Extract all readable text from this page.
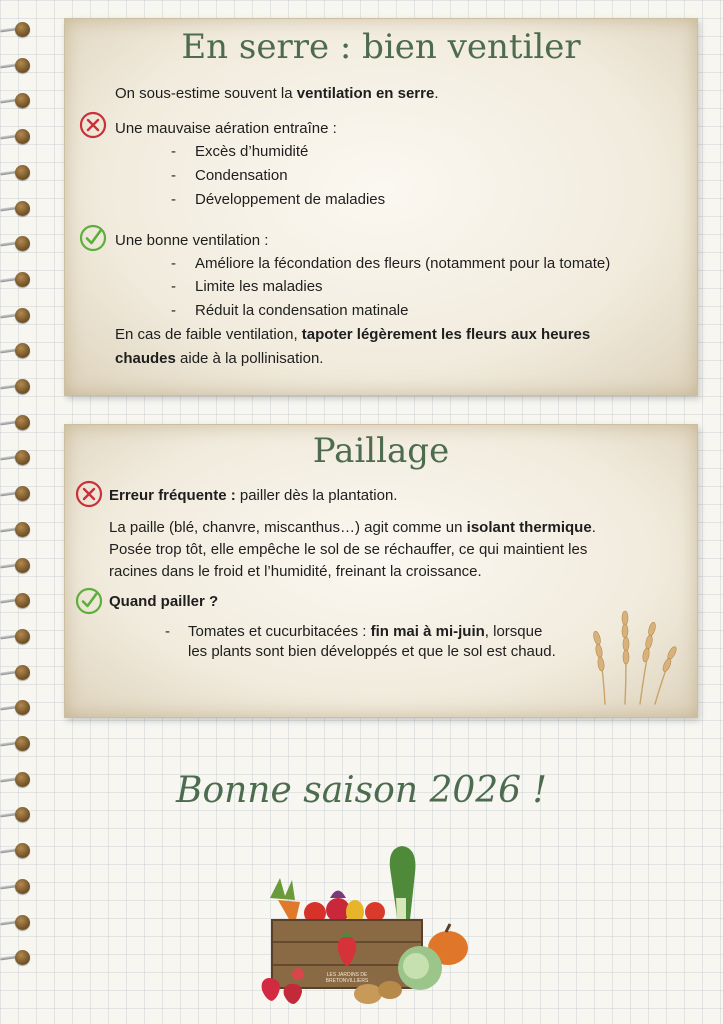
En serre : bien ventiler
On sous-estime souvent la ventilation en serre.
Une mauvaise aération entraîne :
- Excès d’humidité
- Condensation
- Développement de maladies
Une bonne ventilation :
- Améliore la fécondation des fleurs (notamment pour la tomate)
- Limite les maladies
- Réduit la condensation matinale
En cas de faible ventilation, tapoter légèrement les fleurs aux heures
chaudes aide à la pollinisation.
Paillage
Erreur fréquente : pailler dès la plantation.
La paille (blé, chanvre, miscanthus…) agit comme un isolant thermique.
Posée trop tôt, elle empêche le sol de se réchauffer, ce qui maintient les
racines dans le froid et l’humidité, freinant la croissance.
Quand pailler ?
- Tomates et cucurbitacées : fin mai à mi-juin, lorsque
les plants sont bien développés et que le sol est chaud.
Bonne saison 2026 !
LES JARDINS DE
BRETONVILLIERS
